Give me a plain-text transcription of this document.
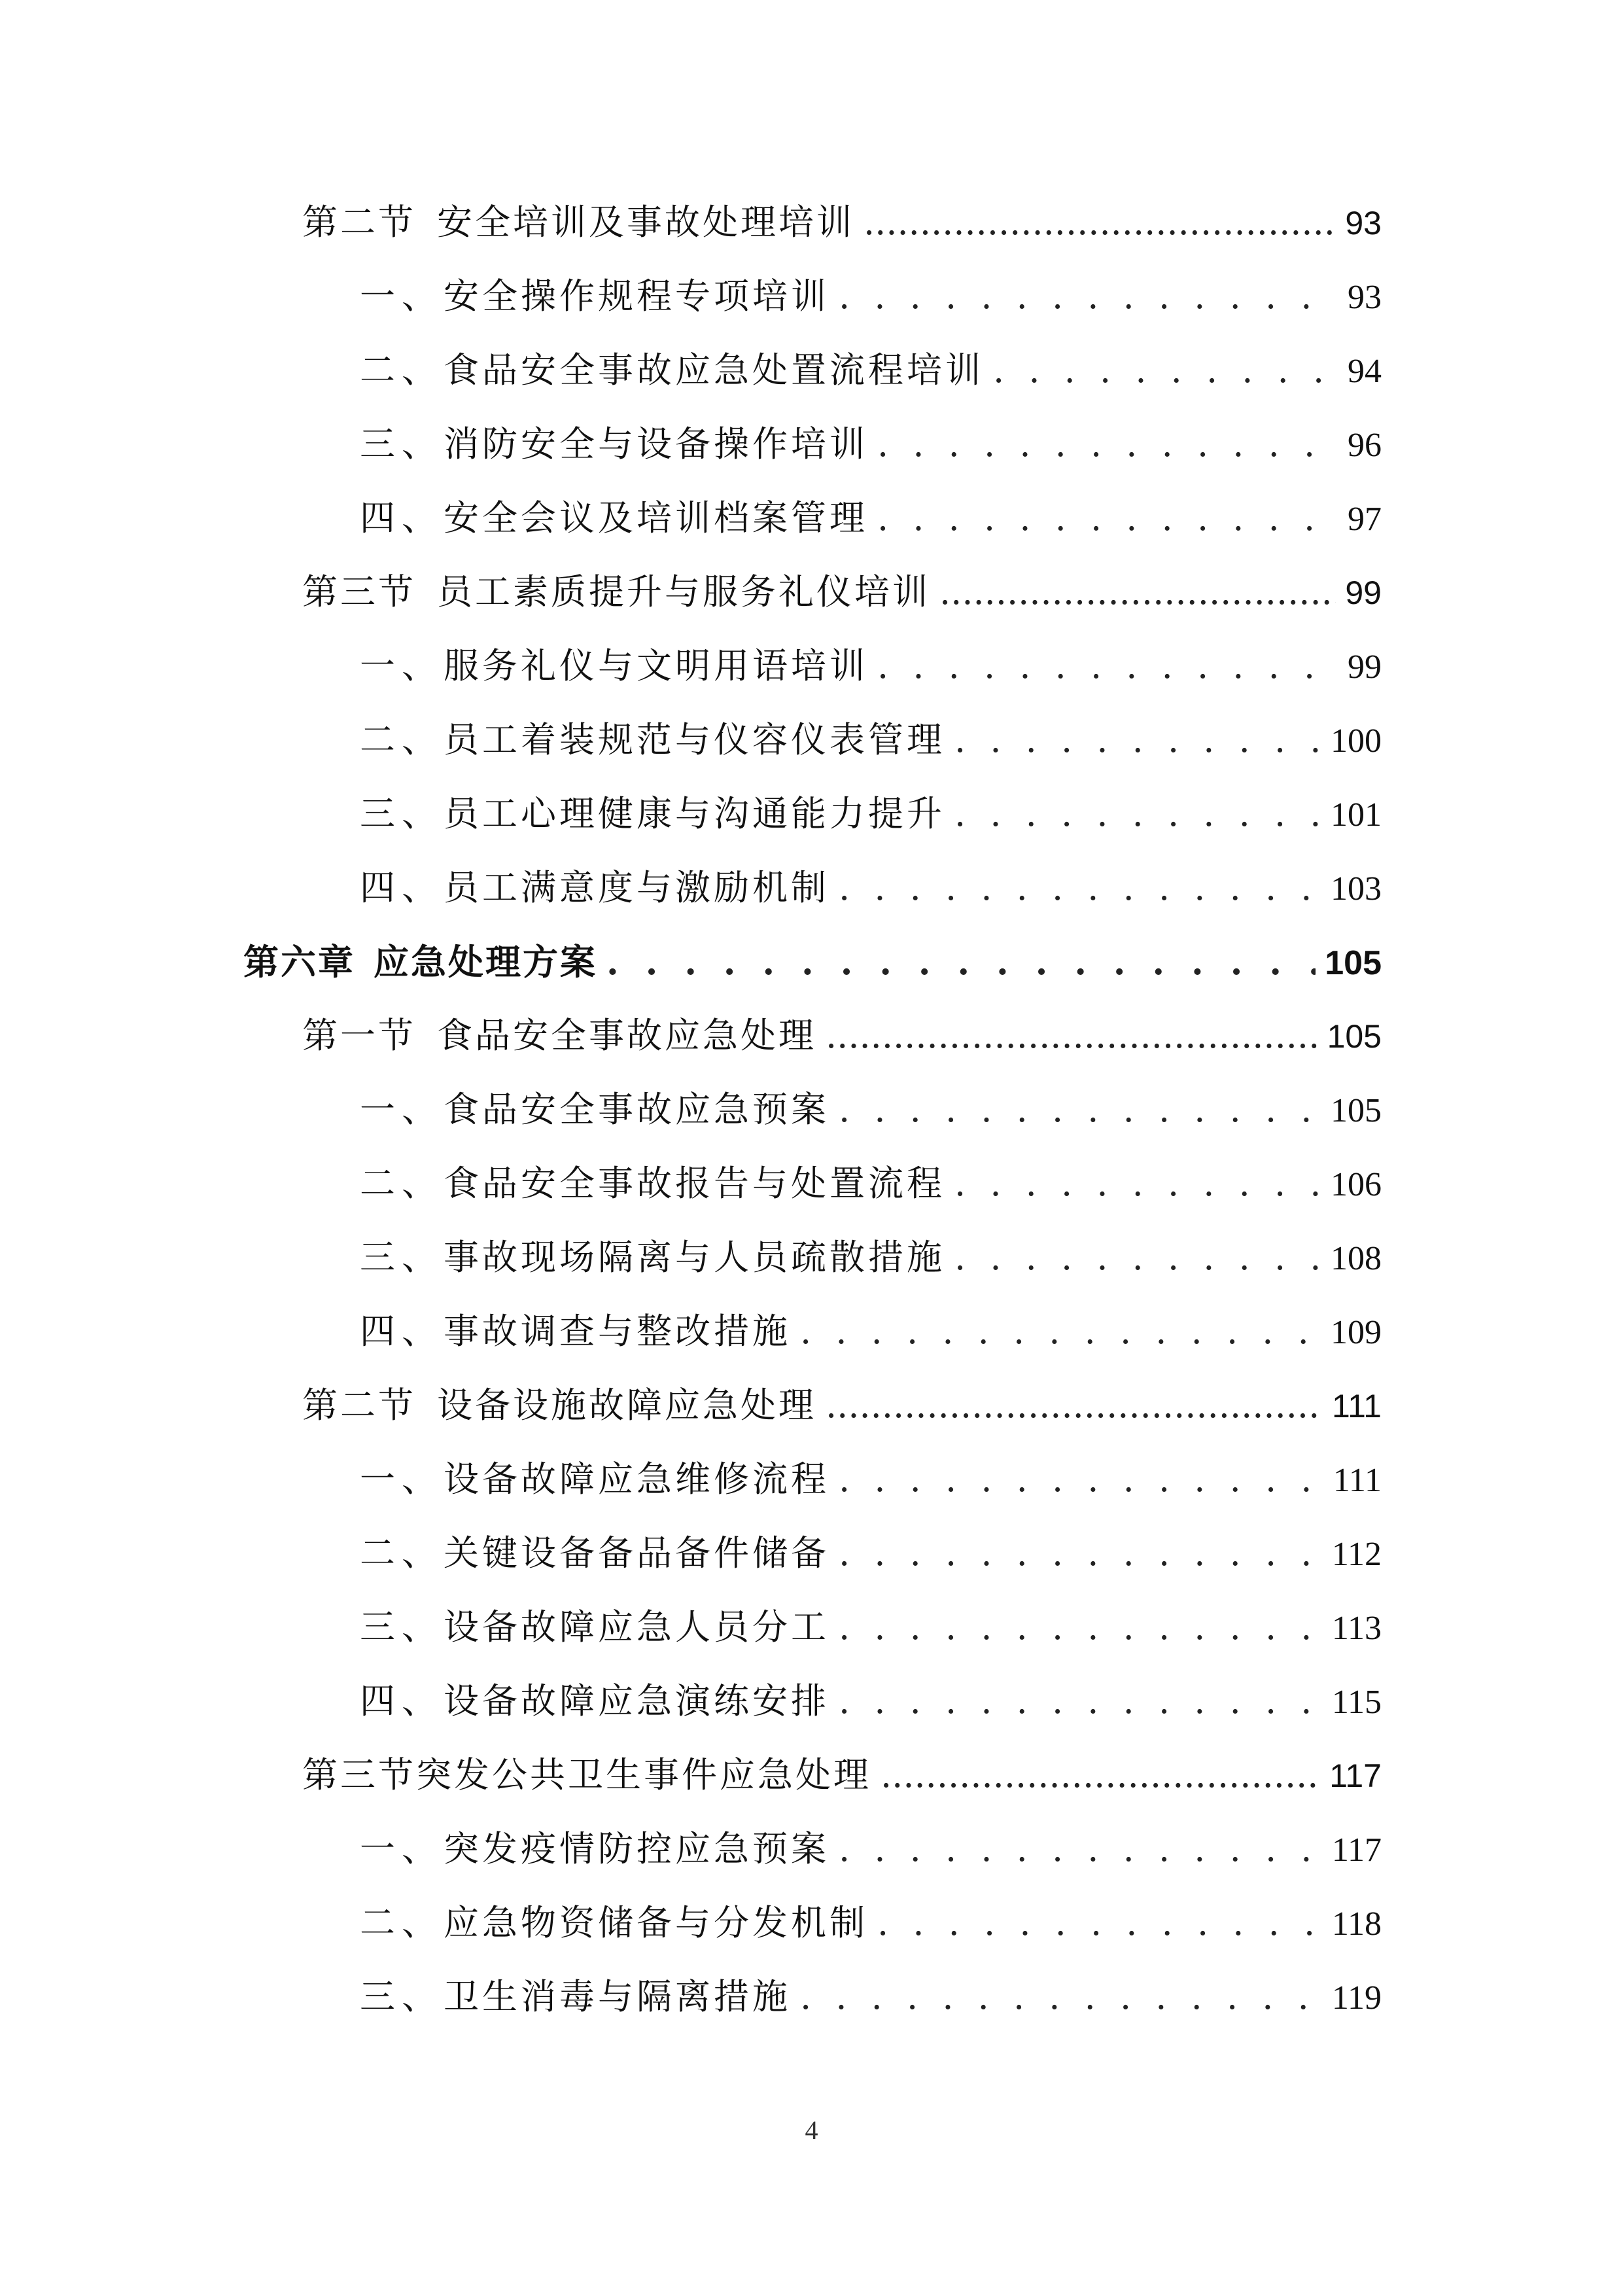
第二节 安全培训及事故处理培训 .....	93
一、 安全操作规程专项培训 . . .	93
二、 食品安全事故应急处置流程培训 . . .	94
三、 消防安全与设备操作培训 . . .	96
四、 安全会议及培训档案管理 . . .	97
第三节 员工素质提升与服务礼仪培训 .....	99
一、 服务礼仪与文明用语培训 . . .	99
二、 员工着装规范与仪容仪表管理 . . .	100
三、 员工心理健康与沟通能力提升 . . .	101
四、 员工满意度与激励机制 . . .	103
第六章 应急处理方案 . . .	105
第一节 食品安全事故应急处理 .....	105
一、 食品安全事故应急预案 . . .	105
二、 食品安全事故报告与处置流程 . . .	106
三、 事故现场隔离与人员疏散措施 . . .	108
四、 事故调查与整改措施 . . .	109
第二节 设备设施故障应急处理 .....	111
一、 设备故障应急维修流程 . . .	111
二、 关键设备备品备件储备 . . .	112
三、 设备故障应急人员分工 . . .	113
四、 设备故障应急演练安排 . . .	115
第三节突发公共卫生事件应急处理 .....	117
一、 突发疫情防控应急预案 . . .	117
二、 应急物资储备与分发机制 . . .	118
三、 卫生消毒与隔离措施 . . .	119
4
